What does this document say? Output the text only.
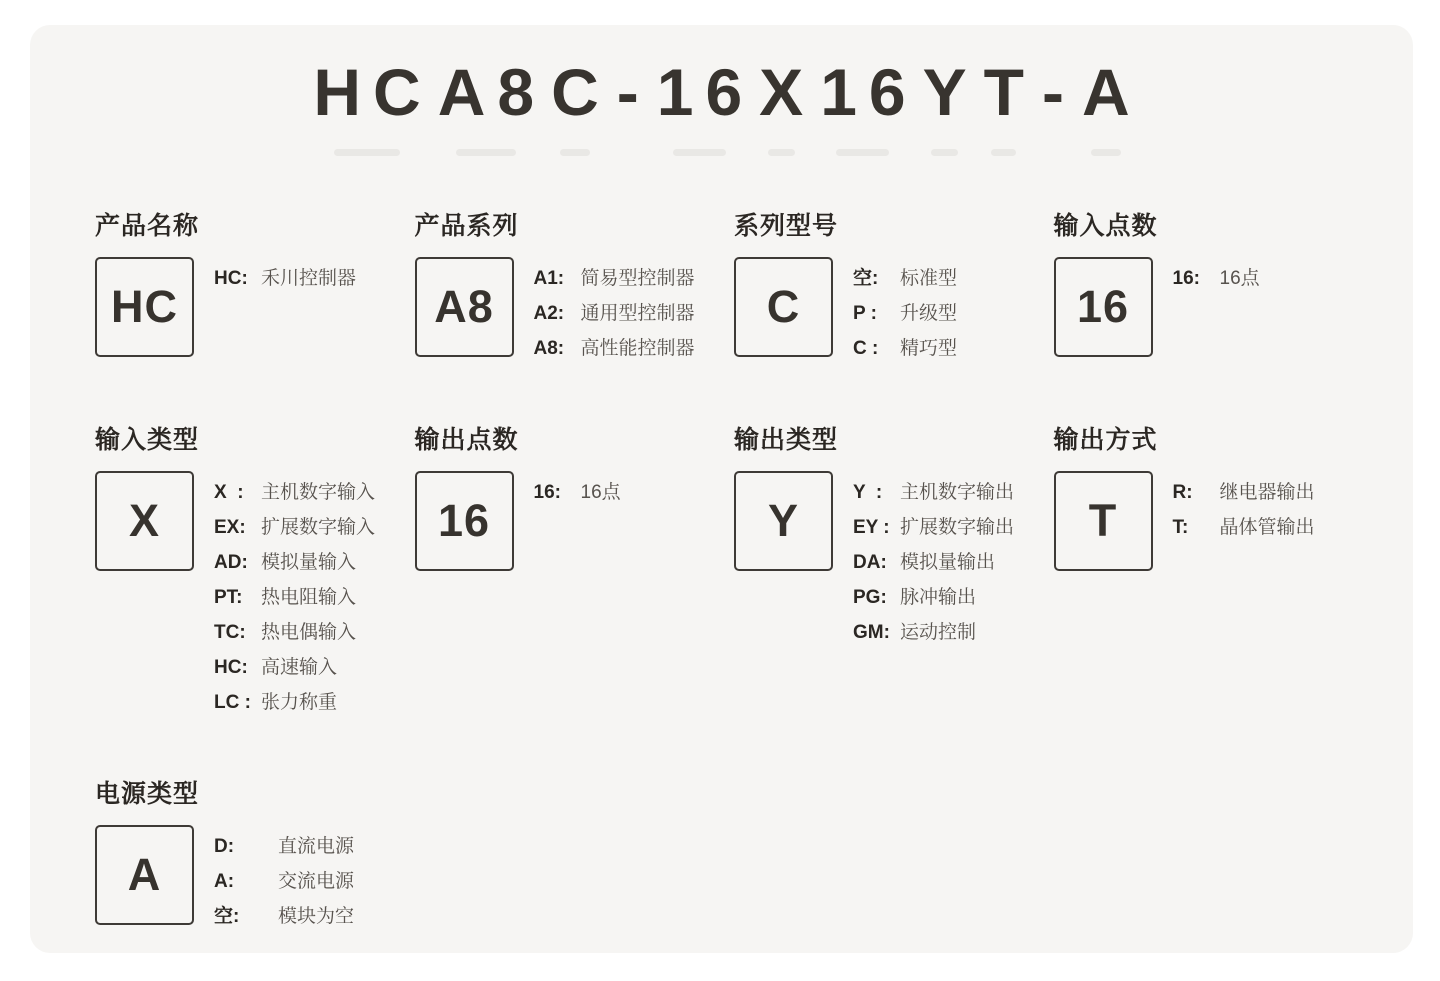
HC A8 C - 16 X 16 Y T - A
产品名称
HC
HC: 禾川控制器
产品系列
A8
A1: 简易型控制器
A2: 通用型控制器
A8: 高性能控制器
系列型号
C
空:	标准型
P :	升级型
C :	精巧型
输入点数
16
16:	16点
输入类型
X
X  : 主机数字输入
EX: 扩展数字输入
AD: 模拟量输入
PT: 热电阻输入
TC: 热电偶输入
HC: 高速输入
LC : 张力称重
输出点数
16
16:	16点
输出类型
Y
Y  : 主机数字输出
EY : 扩展数字输出
DA: 模拟量输出
PG: 脉冲输出
GM: 运动控制
输出方式
T
R:	继电器输出
T:	晶体管输出
电源类型
A
D:	直流电源
A:	交流电源
空:	模块为空
